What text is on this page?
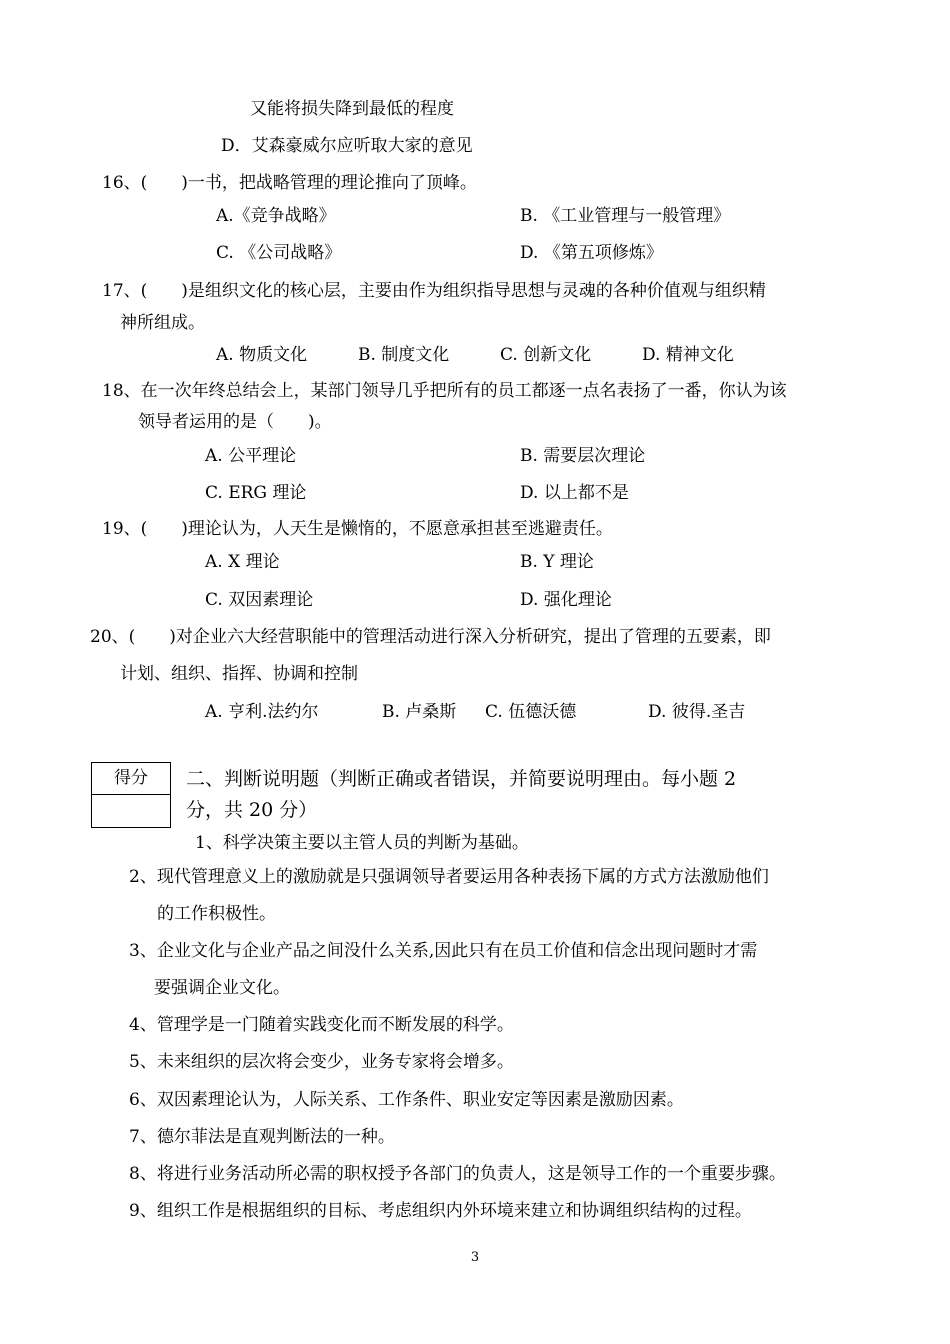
又能将损失降到最低的程度
D．艾森豪威尔应听取大家的意见
16、(　　)一书，把战略管理的理论推向了顶峰。
A.《竞争战略》	B. 《工业管理与一般管理》
C. 《公司战略》	D. 《第五项修炼》
17、(　　)是组织文化的核心层，主要由作为组织指导思想与灵魂的各种价值观与组织精
神所组成。
A. 物质文化	B. 制度文化	C. 创新文化	D. 精神文化
18、在一次年终总结会上，某部门领导几乎把所有的员工都逐一点名表扬了一番，你认为该
领导者运用的是（　　)。
A. 公平理论	B. 需要层次理论
C. ERG 理论	D. 以上都不是
19、(　　)理论认为，人天生是懒惰的，不愿意承担甚至逃避责任。
A. X 理论	B. Y 理论
C. 双因素理论	D. 强化理论
20、(　　)对企业六大经营职能中的管理活动进行深入分析研究，提出了管理的五要素，即
计划、组织、指挥、协调和控制
A. 亨利.法约尔	B. 卢桑斯 C. 伍德沃德	D. 彼得.圣吉
得分	二、判断说明题（判断正确或者错误，并简要说明理由。每小题 2
分，共 20 分）
1、科学决策主要以主管人员的判断为基础。
2、现代管理意义上的激励就是只强调领导者要运用各种表扬下属的方式方法激励他们
的工作积极性。
3、企业文化与企业产品之间没什么关系,因此只有在员工价值和信念出现问题时才需
要强调企业文化。
4、管理学是一门随着实践变化而不断发展的科学。
5、未来组织的层次将会变少，业务专家将会增多。
6、双因素理论认为，人际关系、工作条件、职业安定等因素是激励因素。
7、德尔菲法是直观判断法的一种。
8、将进行业务活动所必需的职权授予各部门的负责人，这是领导工作的一个重要步骤。
9、组织工作是根据组织的目标、考虑组织内外环境来建立和协调组织结构的过程。
3
